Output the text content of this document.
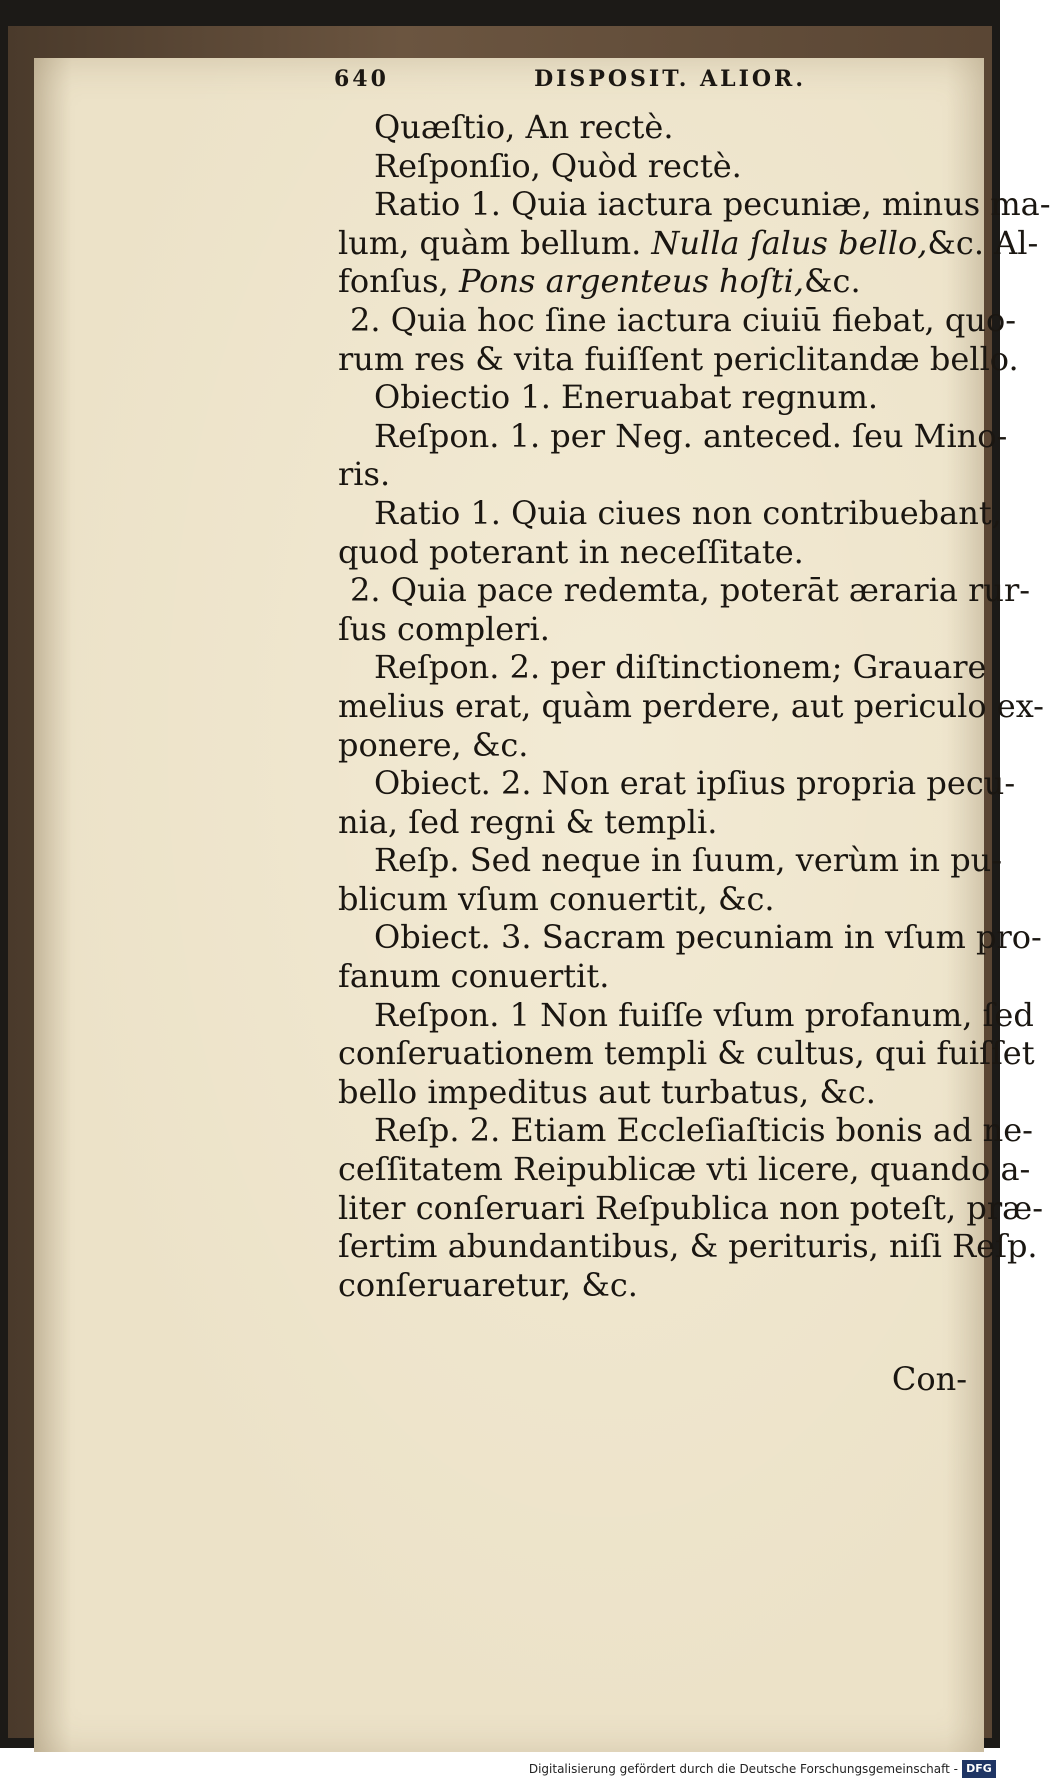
640	DISPOSIT. ALIOR.
Quæſtio, An rectè.
Reſponſio, Quòd rectè.
Ratio 1. Quia iactura pecuniæ, minus ma-
lum, quàm bellum. Nulla ſalus bello,&c. Al-
fonſus, Pons argenteus hoſti,&c.
2. Quia hoc ſine iactura ciuiū fiebat, quo-
rum res & vita fuiſſent periclitandæ bello.
Obiectio 1. Eneruabat regnum.
Reſpon. 1. per Neg. anteced. ſeu Mino-
ris.
Ratio 1. Quia ciues non contribuebant,
quod poterant in neceſſitate.
2. Quia pace redemta, poterāt æraria rur-
ſus compleri.
Reſpon. 2. per diſtinctionem; Grauare
melius erat, quàm perdere, aut periculo ex-
ponere, &c.
Obiect. 2. Non erat ipſius propria pecu-
nia, ſed regni & templi.
Reſp. Sed neque in ſuum, verùm in pu-
blicum vſum conuertit, &c.
Obiect. 3. Sacram pecuniam in vſum pro-
fanum conuertit.
Reſpon. 1 Non fuiſſe vſum profanum, ſed
conſeruationem templi & cultus, qui fuiſſet
bello impeditus aut turbatus, &c.
Reſp. 2. Etiam Eccleſiaſticis bonis ad ne-
ceſſitatem Reipublicæ vti licere, quando a-
liter conſeruari Reſpublica non poteſt, præ-
ſertim abundantibus, & perituris, niſi Reſp.
conſeruaretur, &c.
Con-
Digitalisierung gefördert durch die Deutsche Forschungsgemeinschaft - DFG
